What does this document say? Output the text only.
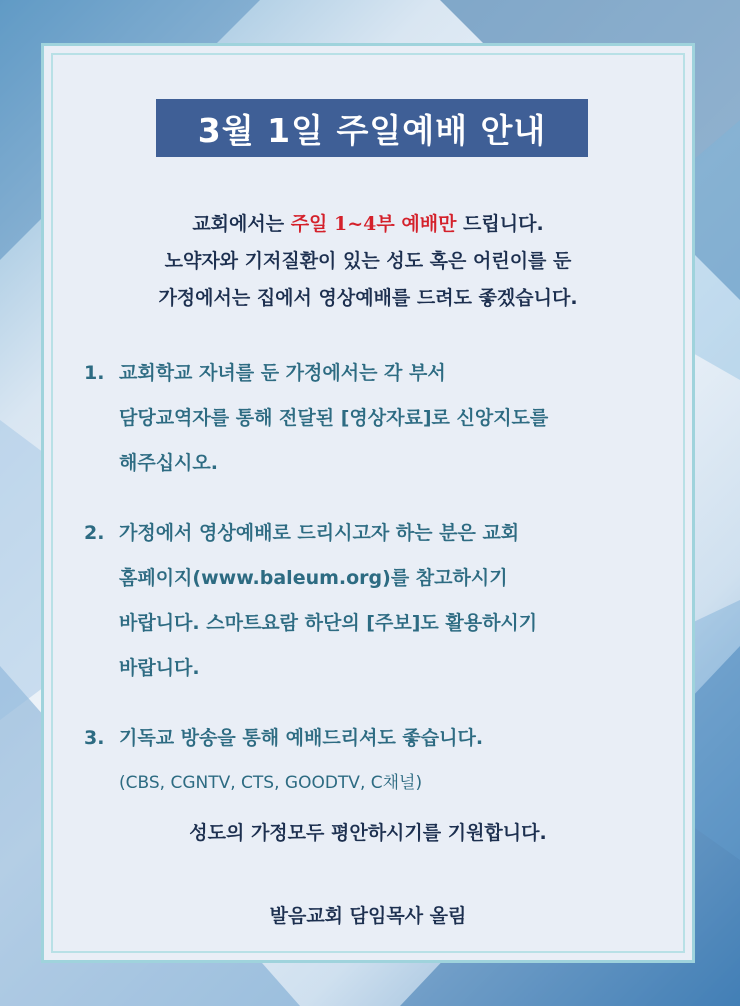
3월 1일 주일예배 안내
교회에서는 주일 1~4부 예배만 드립니다.
노약자와 기저질환이 있는 성도 혹은 어린이를 둔
가정에서는 집에서 영상예배를 드려도 좋겠습니다.
1. 교회학교 자녀를 둔 가정에서는 각 부서
담당교역자를 통해 전달된 [영상자료]로 신앙지도를
해주십시오.
2. 가정에서 영상예배로 드리시고자 하는 분은 교회
홈페이지(www.baleum.org)를 참고하시기
바랍니다. 스마트요람 하단의 [주보]도 활용하시기
바랍니다.
3. 기독교 방송을 통해 예배드리셔도 좋습니다.
(CBS, CGNTV, CTS, GOODTV, C채널)
성도의 가정모두 평안하시기를 기원합니다.
발음교회 담임목사 올림
